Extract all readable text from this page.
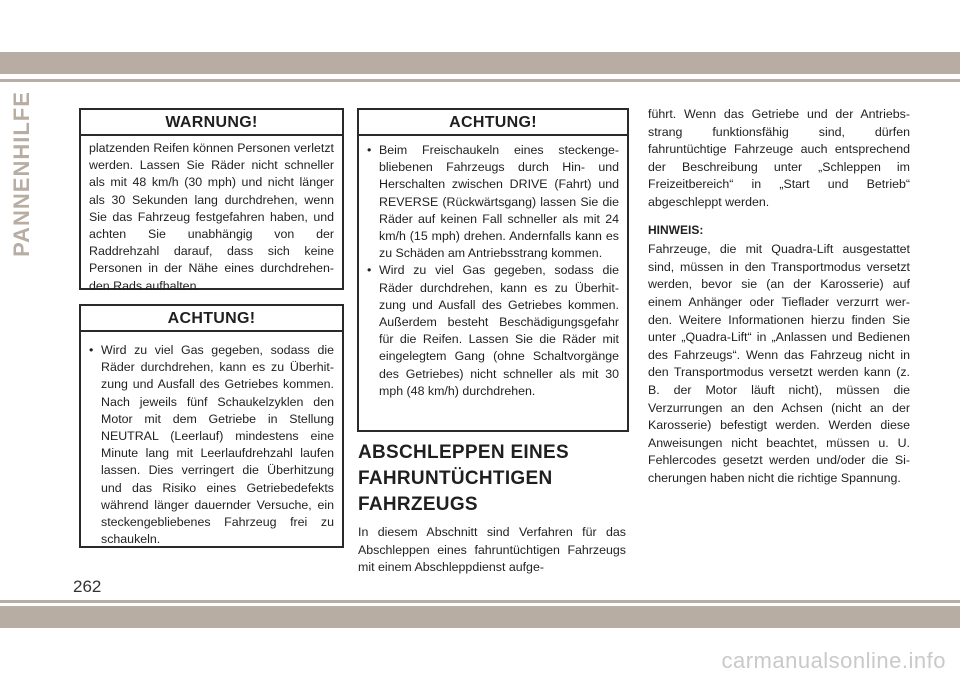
PANNENHILFE	WARNUNG!
platzenden Reifen können Personen verletzt werden. Lassen Sie Räder nicht schneller als mit 48 km/h (30 mph) und nicht länger als 30 Sekunden lang durchdrehen, wenn Sie das Fahrzeug festgefahren haben, und achten Sie unabhängig von der Raddrehzahl darauf, dass sich keine Personen in der Nähe eines durchdrehenden Rads aufhalten.
ACHTUNG!
• Wird zu viel Gas gegeben, sodass die Räder durchdrehen, kann es zu Überhitzung und Ausfall des Getriebes kommen. Nach jeweils fünf Schaukelzyklen den Motor mit dem Getriebe in Stellung NEUTRAL (Leerlauf) mindestens eine Minute lang mit Leerlaufdrehzahl laufen lassen. Dies verringert die Überhitzung und das Risiko eines Getriebedefekts während länger dauernder Versuche, ein steckengebliebenes Fahrzeug frei zu schaukeln.
ACHTUNG!
• Beim Freischaukeln eines steckengebliebenen Fahrzeugs durch Hin- und Herschalten zwischen DRIVE (Fahrt) und REVERSE (Rückwärtsgang) lassen Sie die Räder auf keinen Fall schneller als mit 24 km/h (15 mph) drehen. Andernfalls kann es zu Schäden am Antriebsstrang kommen.
• Wird zu viel Gas gegeben, sodass die Räder durchdrehen, kann es zu Überhitzung und Ausfall des Getriebes kommen. Außerdem besteht Beschädigungsgefahr für die Reifen. Lassen Sie die Räder mit eingelegtem Gang (ohne Schaltvorgänge des Getriebes) nicht schneller als mit 30 mph (48 km/h) durchdrehen.
ABSCHLEPPEN EINES FAHRUNTÜCHTIGEN FAHRZEUGS
In diesem Abschnitt sind Verfahren für das Abschleppen eines fahruntüchtigen Fahrzeugs mit einem Abschleppdienst aufge-
führt. Wenn das Getriebe und der Antriebsstrang funktionsfähig sind, dürfen fahruntüchtige Fahrzeuge auch entsprechend der Beschreibung unter „Schleppen im Freizeitbereich“ in „Start und Betrieb“ abgeschleppt werden.
HINWEIS:
Fahrzeuge, die mit Quadra-Lift ausgestattet sind, müssen in den Transportmodus versetzt werden, bevor sie (an der Karosserie) auf einem Anhänger oder Tieflader verzurrt werden. Weitere Informationen hierzu finden Sie unter „Quadra-Lift“ in „Anlassen und Bedienen des Fahrzeugs“. Wenn das Fahrzeug nicht in den Transportmodus versetzt werden kann (z. B. der Motor läuft nicht), müssen die Verzurrungen an den Achsen (nicht an der Karosserie) befestigt werden. Werden diese Anweisungen nicht beachtet, müssen u. U. Fehlercodes gesetzt werden und/oder die Sicherungen haben nicht die richtige Spannung.
262
carmanualsonline.info
